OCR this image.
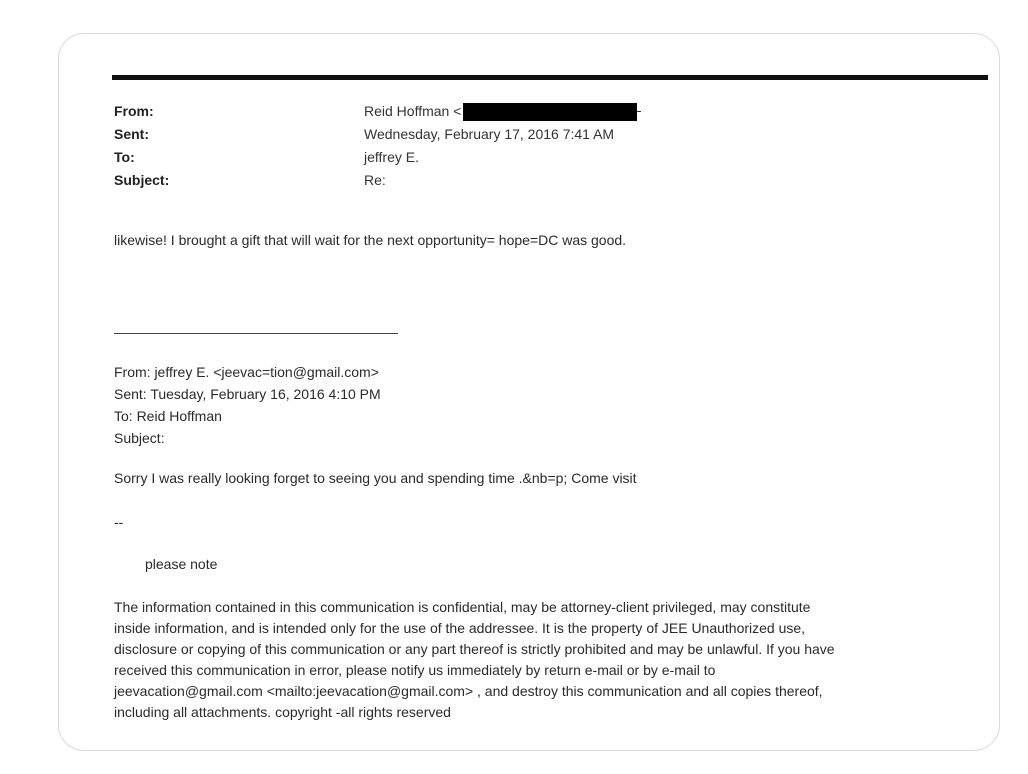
From:	Reid Hoffman <
Sent:	Wednesday, February 17, 2016 7:41 AM
To:	jeffrey E.
Subject:	Re:
likewise! I brought a gift that will wait for the next opportunity= hope=DC was good.
From: jeffrey E. <jeevac=tion@gmail.com>
Sent: Tuesday, February 16, 2016 4:10 PM
To: Reid Hoffman
Subject:
Sorry I was really looking forget to seeing you and spending time .&nb=p; Come visit
--
please note
The information contained in this communication is confidential, may be attorney-client privileged, may constitute
inside information, and is intended only for the use of the addressee. It is the property of JEE Unauthorized use,
disclosure or copying of this communication or any part thereof is strictly prohibited and may be unlawful. If you have
received this communication in error, please notify us immediately by return e-mail or by e-mail to
jeevacation@gmail.com <mailto:jeevacation@gmail.com> , and destroy this communication and all copies thereof,
including all attachments. copyright -all rights reserved
